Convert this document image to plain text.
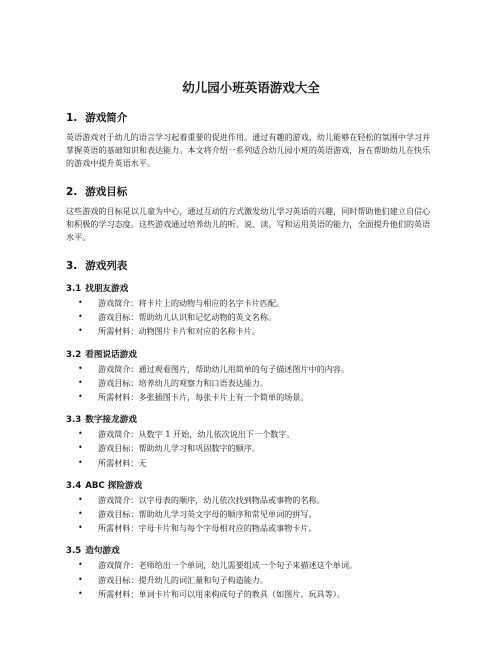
幼儿园小班英语游戏大全
1. 游戏简介
英语游戏对于幼儿的语言学习起着重要的促进作用。通过有趣的游戏，幼儿能够在轻松的氛围中学习并掌握英语的基础知识和表达能力。本文将介绍一系列适合幼儿园小班的英语游戏，旨在帮助幼儿在快乐的游戏中提升英语水平。
2. 游戏目标
这些游戏的目标是以儿童为中心，通过互动的方式激发幼儿学习英语的兴趣，同时帮助他们建立自信心和积极的学习态度。这些游戏通过培养幼儿的听、说、读、写和运用英语的能力，全面提升他们的英语水平。
3. 游戏列表
3.1 找朋友游戏
• 游戏简介：将卡片上的动物与相应的名字卡片匹配。
• 游戏目标：帮助幼儿认识和记忆动物的英文名称。
• 所需材料：动物图片卡片和对应的名称卡片。
3.2 看图说话游戏
• 游戏简介：通过观看图片，帮助幼儿用简单的句子描述图片中的内容。
• 游戏目标：培养幼儿的观察力和口语表达能力。
• 所需材料：多张插图卡片，每张卡片上有一个简单的场景。
3.3 数字接龙游戏
• 游戏简介：从数字 1 开始，幼儿依次说出下一个数字。
• 游戏目标：帮助幼儿学习和巩固数字的顺序。
• 所需材料：无
3.4 ABC 探险游戏
• 游戏简介：以字母表的顺序，幼儿依次找到物品或事物的名称。
• 游戏目标：帮助幼儿学习英文字母的顺序和常见单词的拼写。
• 所需材料：字母卡片和与每个字母相对应的物品或事物卡片。
3.5 造句游戏
• 游戏简介：老师给出一个单词，幼儿需要组成一个句子来描述这个单词。
• 游戏目标：提升幼儿的词汇量和句子构造能力。
• 所需材料：单词卡片和可以用来构成句子的教具（如图片、玩具等）。
